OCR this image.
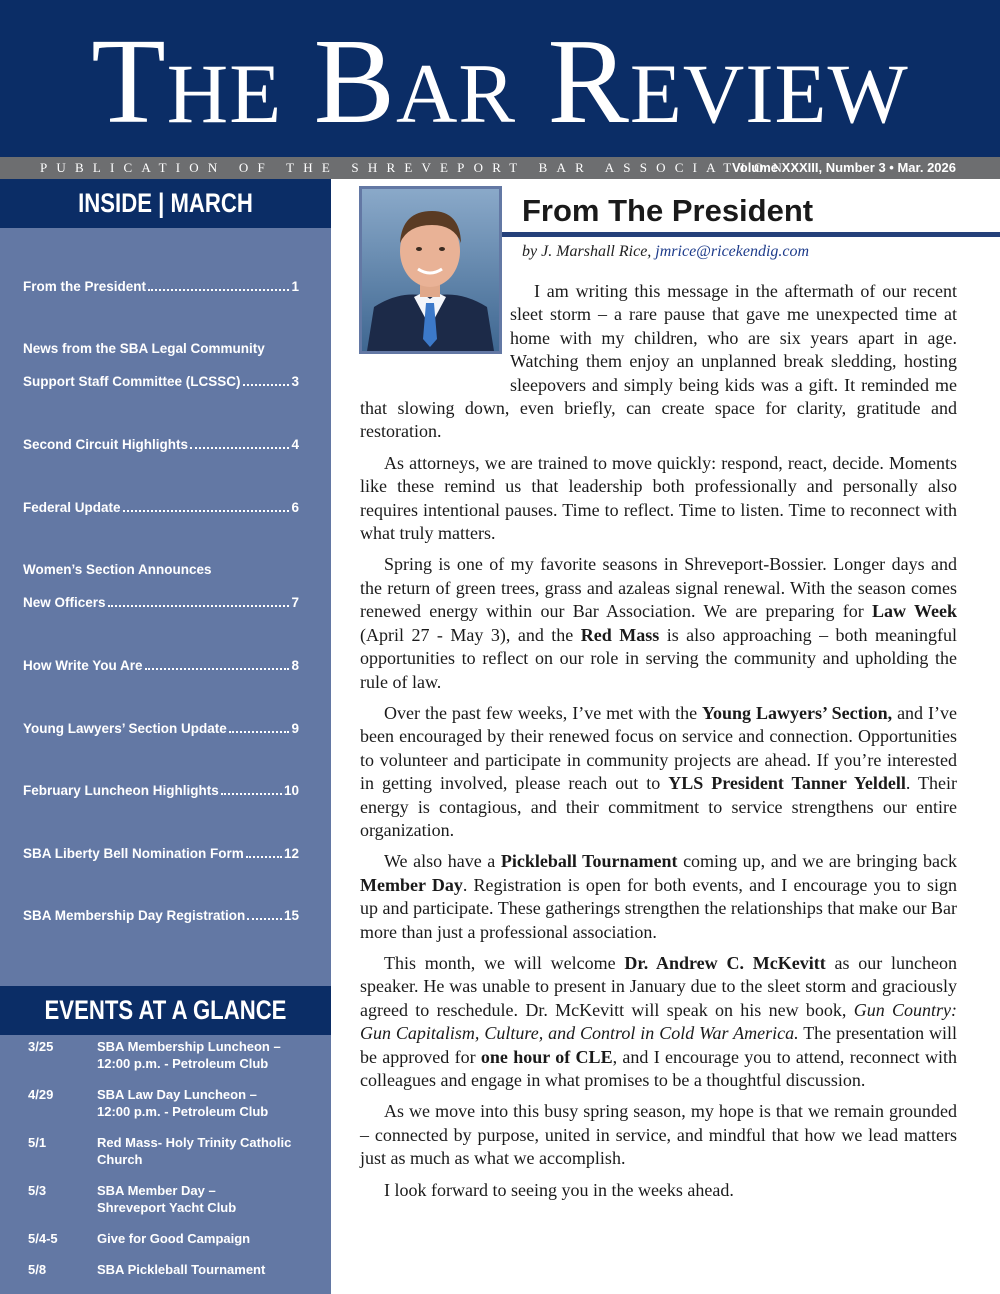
The Bar Review
PUBLICATION OF THE SHREVEPORT BAR ASSOCIATION
Volume XXXIII, Number 3 • Mar. 2026
INSIDE | MARCH
From the President	1
News from the SBA Legal Community
Support Staff Committee (LCSSC)	3
Second Circuit Highlights	4
Federal Update	6
Women’s Section Announces
New Officers	7
How Write You Are	8
Young Lawyers’ Section Update	9
February Luncheon Highlights	10
SBA Liberty Bell Nomination Form	12
SBA Membership Day Registration	15
EVENTS AT A GLANCE
3/25	SBA Membership Luncheon –
12:00 p.m. - Petroleum Club
4/29	SBA Law Day Luncheon –
12:00 p.m. - Petroleum Club
5/1	Red Mass- Holy Trinity Catholic
Church
5/3	SBA Member Day –
Shreveport Yacht Club
5/4-5	Give for Good Campaign
5/8	SBA Pickleball Tournament
From The President
by J. Marshall Rice, jmrice@ricekendig.com

I am writing this message in the aftermath of our recent sleet storm – a rare pause that gave me unexpected time at home with my children, who are six years apart in age. Watching them enjoy an unplanned break sledding, hosting sleepovers and simply being kids was a gift. It reminded me that slowing down, even briefly, can create space for clarity, gratitude and restoration.

As attorneys, we are trained to move quickly: respond, react, decide. Moments like these remind us that leadership both professionally and personally also requires intentional pauses. Time to reflect. Time to listen. Time to reconnect with what truly matters.

Spring is one of my favorite seasons in Shreveport-Bossier. Longer days and the return of green trees, grass and azaleas signal renewal. With the season comes renewed energy within our Bar Association. We are preparing for Law Week (April 27 - May 3), and the Red Mass is also approaching – both meaningful opportunities to reflect on our role in serving the community and upholding the rule of law.

Over the past few weeks, I’ve met with the Young Lawyers’ Section, and I’ve been encouraged by their renewed focus on service and connection. Opportunities to volunteer and participate in community projects are ahead. If you’re interested in getting involved, please reach out to YLS President Tanner Yeldell. Their energy is contagious, and their commitment to service strengthens our entire organization.

We also have a Pickleball Tournament coming up, and we are bringing back Member Day. Registration is open for both events, and I encourage you to sign up and participate. These gatherings strengthen the relationships that make our Bar more than just a professional association.

This month, we will welcome Dr. Andrew C. McKevitt as our luncheon speaker. He was unable to present in January due to the sleet storm and graciously agreed to reschedule. Dr. McKevitt will speak on his new book, Gun Country: Gun Capitalism, Culture, and Control in Cold War America. The presentation will be approved for one hour of CLE, and I encourage you to attend, reconnect with colleagues and engage in what promises to be a thoughtful discussion.

As we move into this busy spring season, my hope is that we remain grounded – connected by purpose, united in service, and mindful that how we lead matters just as much as what we accomplish.

I look forward to seeing you in the weeks ahead.
